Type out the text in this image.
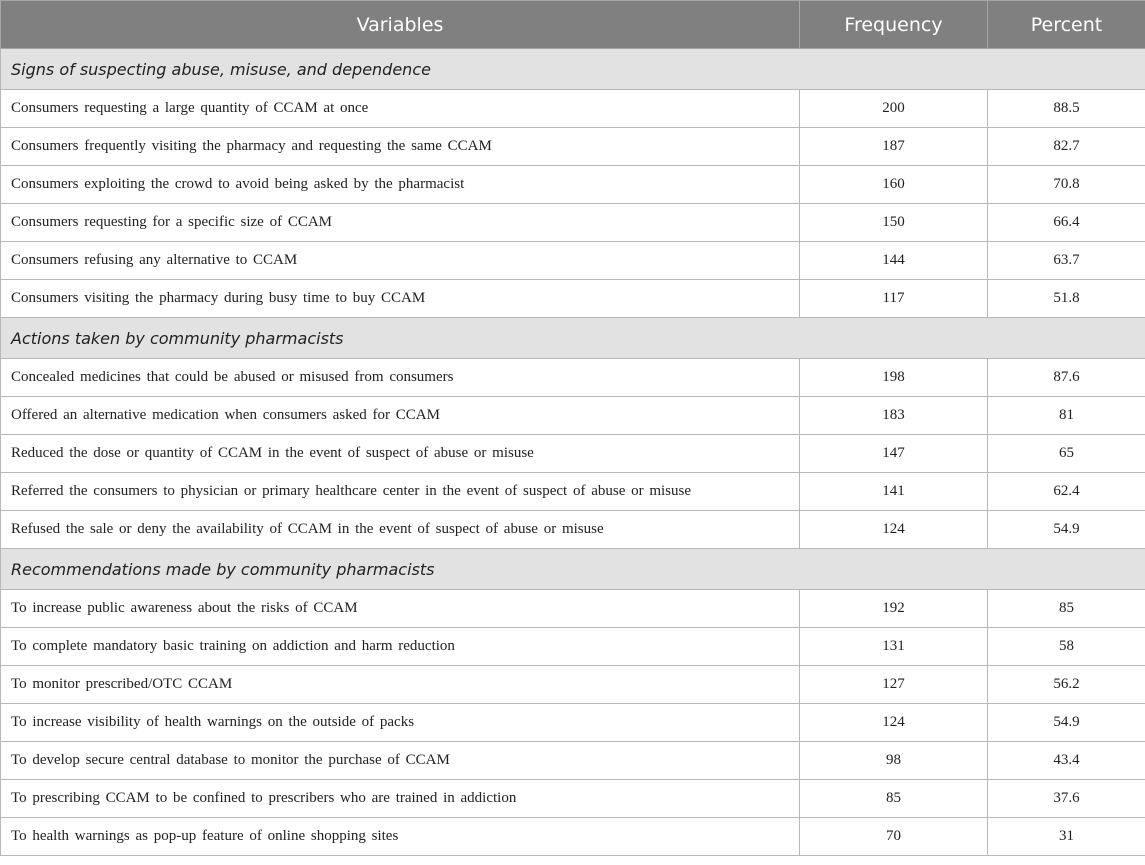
Variables	Frequency	Percent
Signs of suspecting abuse, misuse, and dependence		
Consumers requesting a large quantity of CCAM at once	200	88.5
Consumers frequently visiting the pharmacy and requesting the same CCAM	187	82.7
Consumers exploiting the crowd to avoid being asked by the pharmacist	160	70.8
Consumers requesting for a specific size of CCAM	150	66.4
Consumers refusing any alternative to CCAM	144	63.7
Consumers visiting the pharmacy during busy time to buy CCAM	117	51.8
Actions taken by community pharmacists		
Concealed medicines that could be abused or misused from consumers	198	87.6
Offered an alternative medication when consumers asked for CCAM	183	81
Reduced the dose or quantity of CCAM in the event of suspect of abuse or misuse	147	65
Referred the consumers to physician or primary healthcare center in the event of suspect of abuse or misuse	141	62.4
Refused the sale or deny the availability of CCAM in the event of suspect of abuse or misuse	124	54.9
Recommendations made by community pharmacists		
To increase public awareness about the risks of CCAM	192	85
To complete mandatory basic training on addiction and harm reduction	131	58
To monitor prescribed/OTC CCAM	127	56.2
To increase visibility of health warnings on the outside of packs	124	54.9
To develop secure central database to monitor the purchase of CCAM	98	43.4
To prescribing CCAM to be confined to prescribers who are trained in addiction	85	37.6
To health warnings as pop-up feature of online shopping sites	70	31
